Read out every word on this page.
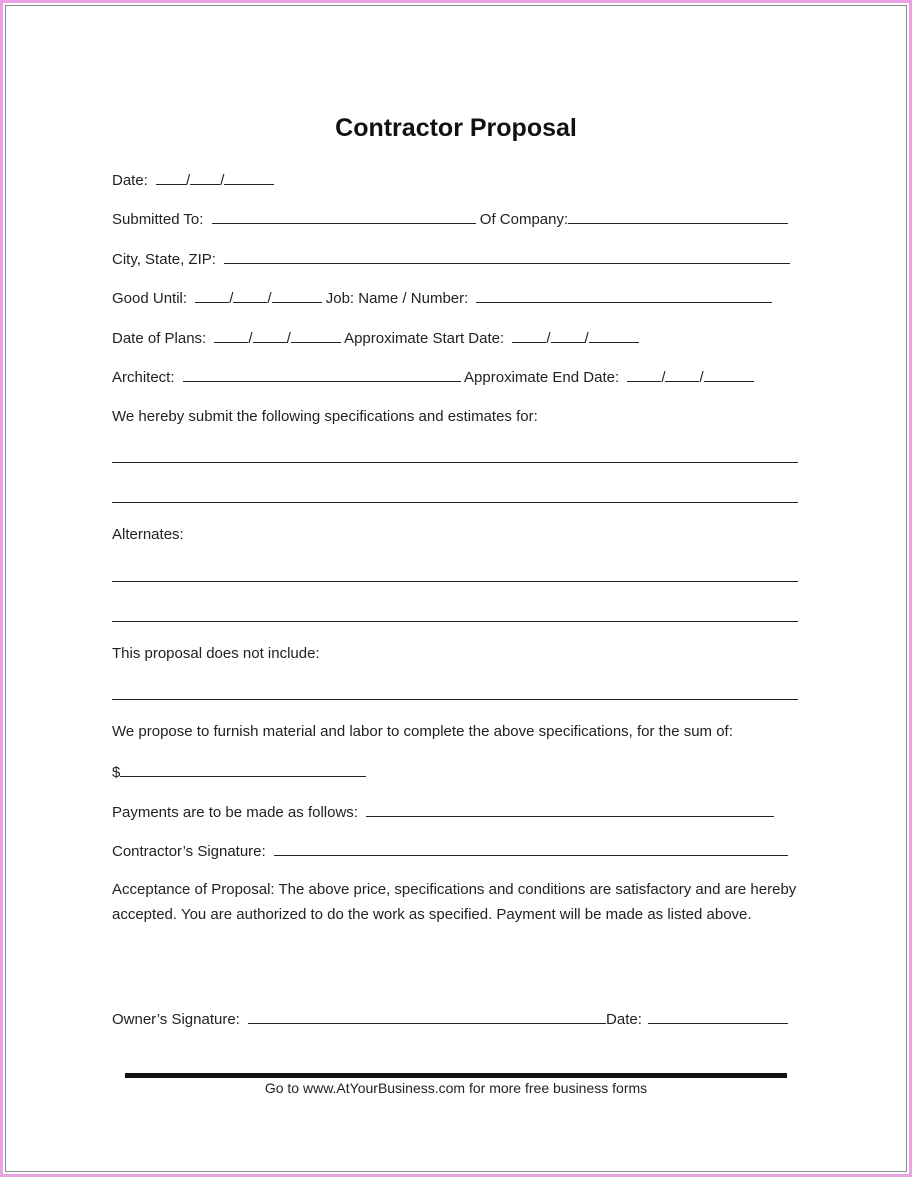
Contractor Proposal
Date:	/ /
Submitted To:	Of Company:
City, State, ZIP:
Good Until:	/ /	Job: Name / Number:
Date of Plans:	/ /	Approximate Start Date:	/ /
Architect:	Approximate End Date:	/ /
We hereby submit the following specifications and estimates for:
Alternates:
This proposal does not include:
We propose to furnish material and labor to complete the above specifications, for the sum of:
$
Payments are to be made as follows:
Contractor’s Signature:
Acceptance of Proposal: The above price, specifications and conditions are satisfactory and are hereby accepted. You are authorized to do the work as specified. Payment will be made as listed above.
Owner’s Signature:	Date:
Go to www.AtYourBusiness.com for more free business forms
